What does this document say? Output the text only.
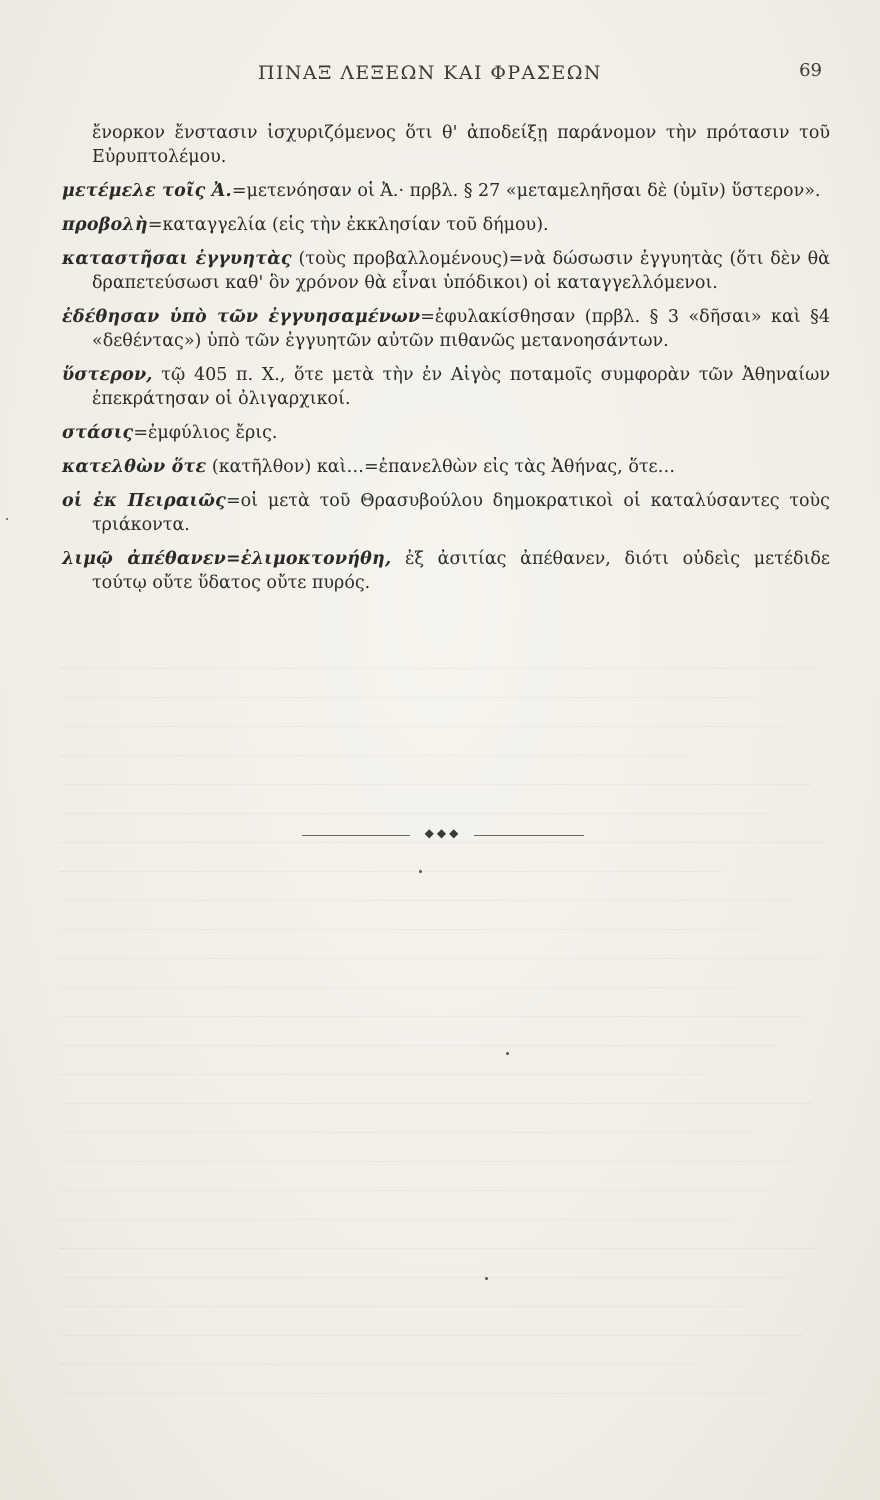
ΠΙΝΑΞ ΛΕΞΕΩΝ ΚΑΙ ΦΡΑΣΕΩΝ	69

ἔνορκον ἔνστασιν ἰσχυριζόμενος ὅτι θ' ἀποδείξῃ παράνομον τὴν πρότασιν τοῦ Εὐρυπτολέμου.

μετέμελε τοῖς Ἀ.=μετενόησαν οἱ Ἀ.· πρβλ. § 27 «μεταμεληῆσαι δὲ (ὑμῖν) ὕστερον».

προβολὴ=καταγγελία (εἰς τὴν ἐκκλησίαν τοῦ δήμου).

καταστῆσαι ἐγγυητὰς (τοὺς προβαλλομένους)=νὰ δώσωσιν ἐγγυητὰς (ὅτι δὲν θὰ δραπετεύσωσι καθ' ὃν χρόνον θὰ εἶναι ὑπόδικοι) οἱ καταγγελλόμενοι.

ἐδέθησαν ὑπὸ τῶν ἐγγυησαμένων=ἐφυλακίσθησαν (πρβλ. § 3 «δῆσαι» καὶ §4 «δεθέντας») ὑπὸ τῶν ἐγγυητῶν αὐτῶν πιθανῶς μετανοησάντων.

ὕστερον, τῷ 405 π. Χ., ὅτε μετὰ τὴν ἐν Αἰγὸς ποταμοῖς συμφορὰν τῶν Ἀθηναίων ἐπεκράτησαν οἱ ὀλιγαρχικοί.

στάσις=ἐμφύλιος ἔρις.

κατελθὼν ὅτε (κατῆλθον) καὶ…=ἐπανελθὼν εἰς τὰς Ἀθήνας, ὅτε…

οἱ ἐκ Πειραιῶς=οἱ μετὰ τοῦ Θρασυβούλου δημοκρατικοὶ οἱ καταλύσαντες τοὺς τριάκοντα.

λιμῷ ἀπέθανεν=ἐλιμοκτονήθη, ἐξ ἀσιτίας ἀπέθανεν, διότι οὐδεὶς μετέδιδε τούτῳ οὔτε ὕδατος οὔτε πυρός.

◆◆◆
